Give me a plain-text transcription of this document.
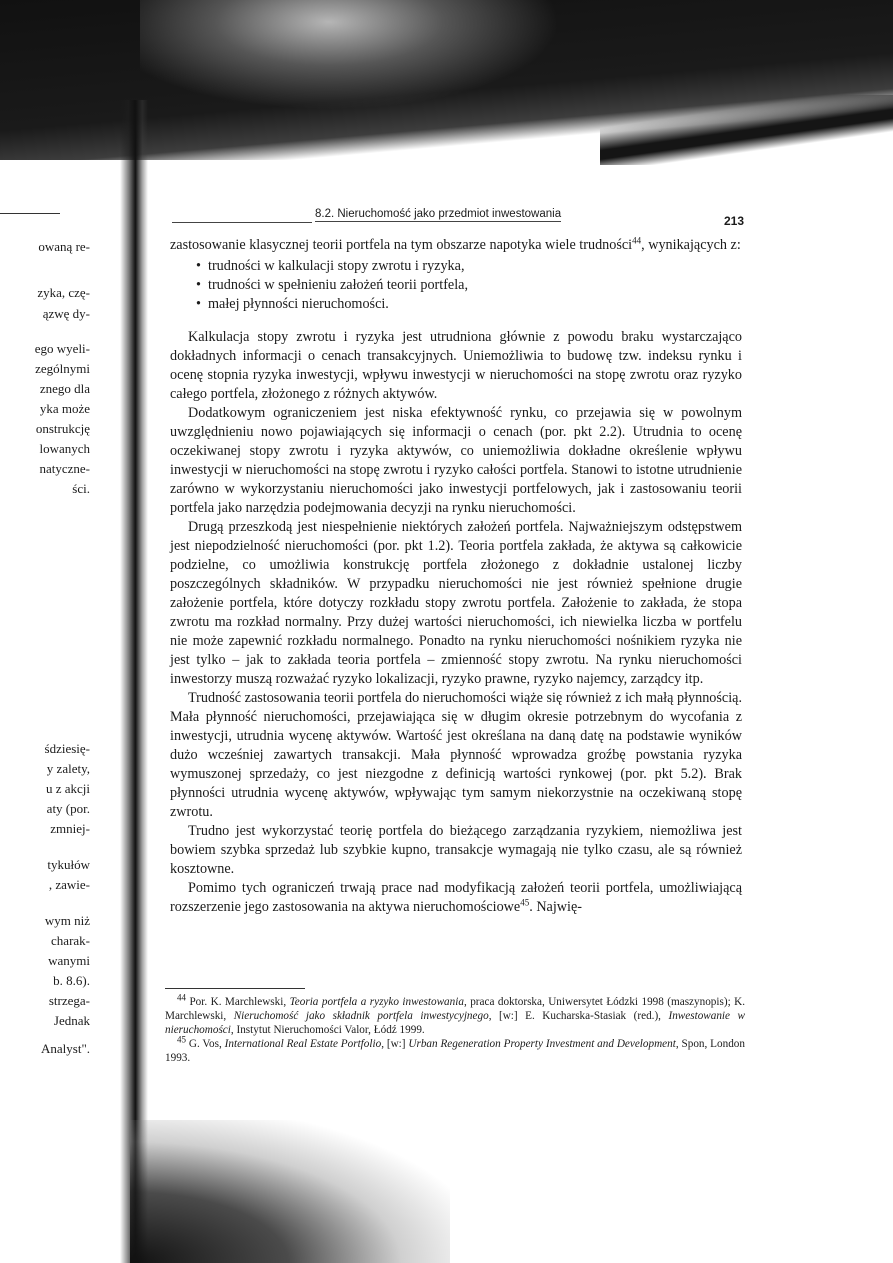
owaną re-
zyka, czę-
ązwę dy-
ego wyeli-
zególnymi
znego dla
yka może
onstrukcję
lowanych
natyczne-
ści.
śdziesię-
y zalety,
u z akcji
aty (por.
zmniej-
tykułów
, zawie-
wym niż
charak-
wanymi
b. 8.6).
strzega-
Jednak
Analyst".
8.2. Nieruchomość jako przedmiot inwestowania	213

zastosowanie klasycznej teorii portfela na tym obszarze napotyka wiele trudności$^{44}$, wynikających z:

• trudności w kalkulacji stopy zwrotu i ryzyka,
• trudności w spełnieniu założeń teorii portfela,
• małej płynności nieruchomości.

Kalkulacja stopy zwrotu i ryzyka jest utrudniona głównie z powodu braku wystarczająco dokładnych informacji o cenach transakcyjnych. Uniemożliwia to budowę tzw. indeksu rynku i ocenę stopnia ryzyka inwestycji, wpływu inwestycji w nieruchomości na stopę zwrotu oraz ryzyko całego portfela, złożonego z różnych aktywów.

Dodatkowym ograniczeniem jest niska efektywność rynku, co przejawia się w powolnym uwzględnieniu nowo pojawiających się informacji o cenach (por. pkt 2.2). Utrudnia to ocenę oczekiwanej stopy zwrotu i ryzyka aktywów, co uniemożliwia dokładne określenie wpływu inwestycji w nieruchomości na stopę zwrotu i ryzyko całości portfela. Stanowi to istotne utrudnienie zarówno w wykorzystaniu nieruchomości jako inwestycji portfelowych, jak i zastosowaniu teorii portfela jako narzędzia podejmowania decyzji na rynku nieruchomości.

Drugą przeszkodą jest niespełnienie niektórych założeń portfela. Najważniejszym odstępstwem jest niepodzielność nieruchomości (por. pkt 1.2). Teoria portfela zakłada, że aktywa są całkowicie podzielne, co umożliwia konstrukcję portfela złożonego z dokładnie ustalonej liczby poszczególnych składników. W przypadku nieruchomości nie jest również spełnione drugie założenie portfela, które dotyczy rozkładu stopy zwrotu portfela. Założenie to zakłada, że stopa zwrotu ma rozkład normalny. Przy dużej wartości nieruchomości, ich niewielka liczba w portfelu nie może zapewnić rozkładu normalnego. Ponadto na rynku nieruchomości nośnikiem ryzyka nie jest tylko – jak to zakłada teoria portfela – zmienność stopy zwrotu. Na rynku nieruchomości inwestorzy muszą rozważać ryzyko lokalizacji, ryzyko prawne, ryzyko najemcy, zarządcy itp.

Trudność zastosowania teorii portfela do nieruchomości wiąże się również z ich małą płynnością. Mała płynność nieruchomości, przejawiająca się w długim okresie potrzebnym do wycofania z inwestycji, utrudnia wycenę aktywów. Wartość jest określana na daną datę na podstawie wyników dużo wcześniej zawartych transakcji. Mała płynność wprowadza groźbę powstania ryzyka wymuszonej sprzedaży, co jest niezgodne z definicją wartości rynkowej (por. pkt 5.2). Brak płynności utrudnia wycenę aktywów, wpływając tym samym niekorzystnie na oczekiwaną stopę zwrotu.

Trudno jest wykorzystać teorię portfela do bieżącego zarządzania ryzykiem, niemożliwa jest bowiem szybka sprzedaż lub szybkie kupno, transakcje wymagają nie tylko czasu, ale są również kosztowne.

Pomimo tych ograniczeń trwają prace nad modyfikacją założeń teorii portfela, umożliwiającą rozszerzenie jego zastosowania na aktywa nieruchomościowe$^{45}$. Najwię-

$^{44}$ Por. K. Marchlewski, Teoria portfela a ryzyko inwestowania, praca doktorska, Uniwersytet Łódzki 1998 (maszynopis); K. Marchlewski, Nieruchomość jako składnik portfela inwestycyjnego, [w:] E. Kucharska-Stasiak (red.), Inwestowanie w nieruchomości, Instytut Nieruchomości Valor, Łódź 1999.

$^{45}$ G. Vos, International Real Estate Portfolio, [w:] Urban Regeneration Property Investment and Development, Spon, London 1993.
